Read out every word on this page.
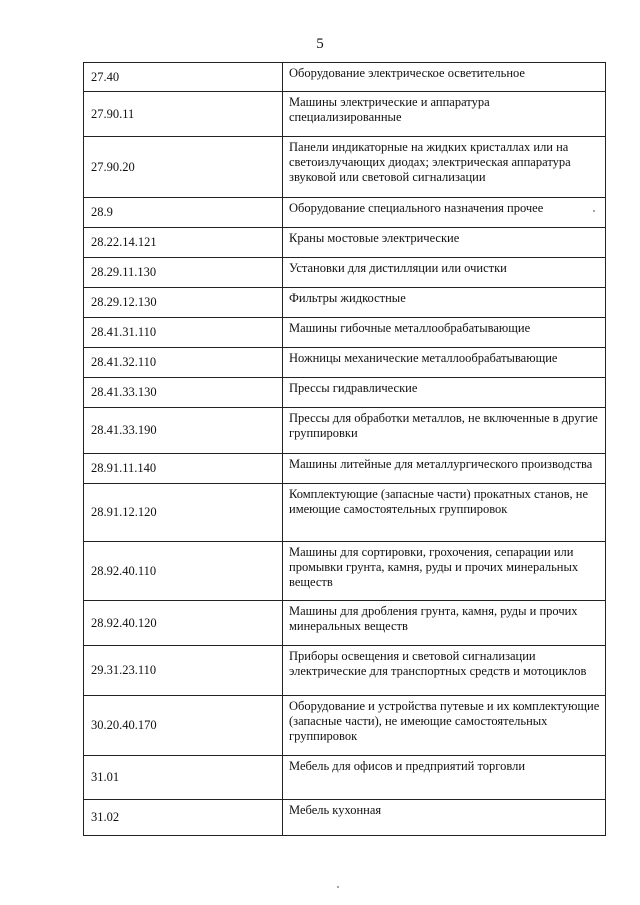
5
27.40	Оборудование электрическое осветительное
27.90.11	Машины электрические и аппаратура специализированные
27.90.20	Панели индикаторные на жидких кристаллах или на светоизлучающих диодах; электрическая аппаратура звуковой или световой сигнализации
28.9	Оборудование специального назначения прочее
28.22.14.121	Краны мостовые электрические
28.29.11.130	Установки для дистилляции или очистки
28.29.12.130	Фильтры жидкостные
28.41.31.110	Машины гибочные металлообрабатывающие
28.41.32.110	Ножницы механические металлообрабатывающие
28.41.33.130	Прессы гидравлические
28.41.33.190	Прессы для обработки металлов, не включенные в другие группировки
28.91.11.140	Машины литейные для металлургического производства
28.91.12.120	Комплектующие (запасные части) прокатных станов, не имеющие самостоятельных группировок
28.92.40.110	Машины для сортировки, грохочения, сепарации или промывки грунта, камня, руды и прочих минеральных веществ
28.92.40.120	Машины для дробления грунта, камня, руды и прочих минеральных веществ
29.31.23.110	Приборы освещения и световой сигнализации электрические для транспортных средств и мотоциклов
30.20.40.170	Оборудование и устройства путевые и их комплектующие (запасные части), не имеющие самостоятельных группировок
31.01	Мебель для офисов и предприятий торговли
31.02	Мебель кухонная
